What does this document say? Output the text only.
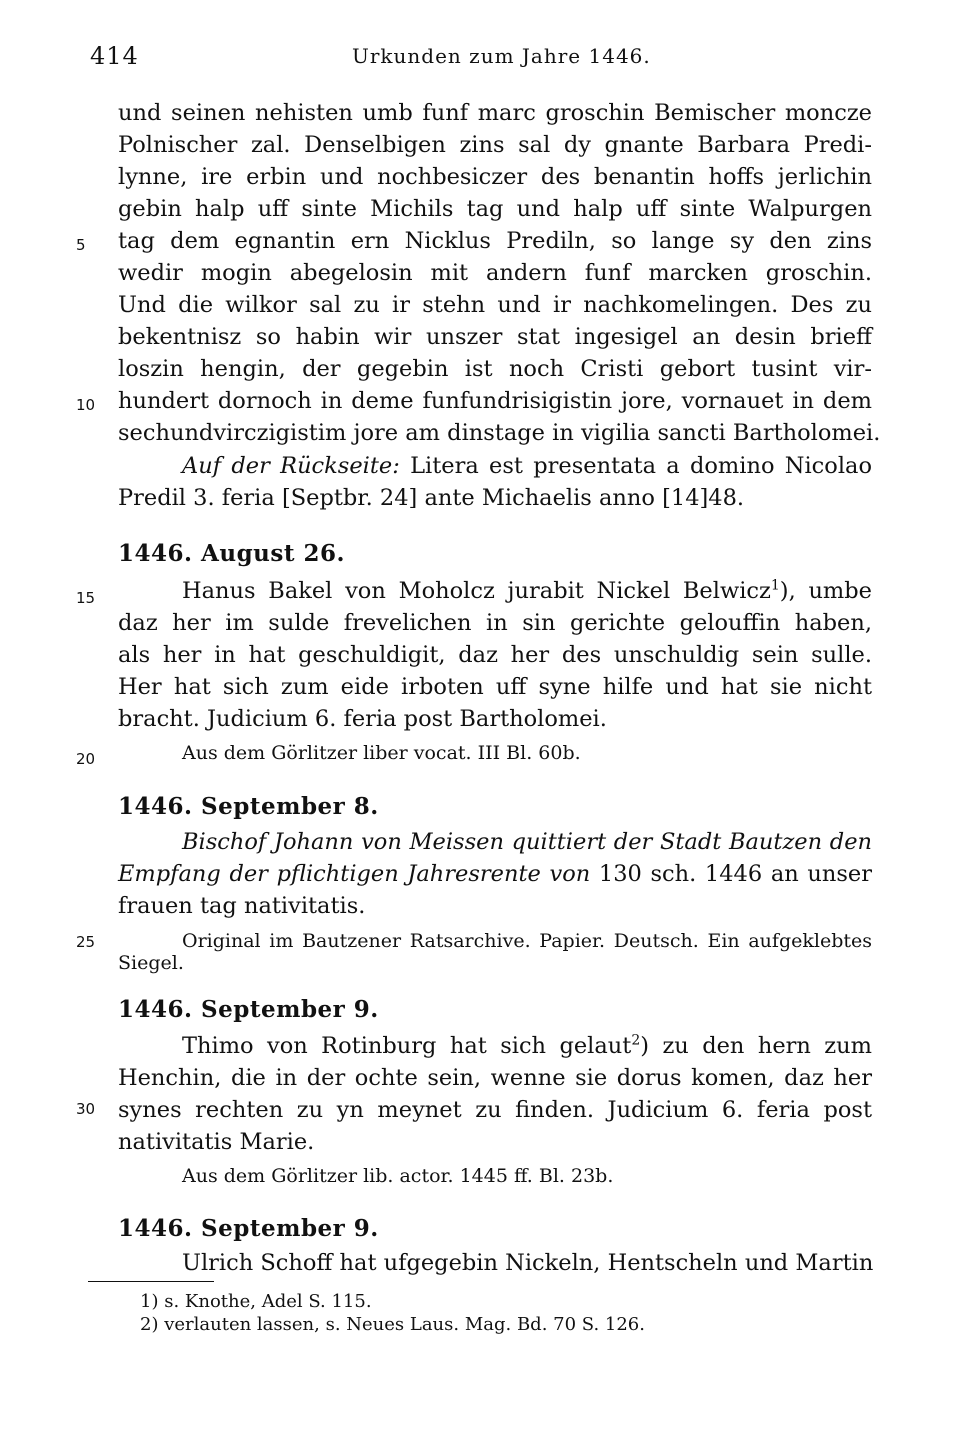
414	Urkunden zum Jahre 1446.
5
10
15
20
25
30
und seinen nehisten umb funf marc groschin Bemischer moncze
Polnischer zal. Denselbigen zins sal dy gnante Barbara Predi-
lynne, ire erbin und nochbesiczer des benantin hoffs jerlichin
gebin halp uff sinte Michils tag und halp uff sinte Walpurgen
tag dem egnantin ern Nicklus Prediln, so lange sy den zins
wedir mogin abegelosin mit andern funf marcken groschin.
Und die wilkor sal zu ir stehn und ir nachkomelingen. Des zu
bekentnisz so habin wir unszer stat ingesigel an desin brieff
loszin hengin, der gegebin ist noch Cristi gebort tusint vir-
hundert dornoch in deme funfundrisigistin jore, vornauet in dem
sechundvirczigistim jore am dinstage in vigilia sancti Bartholomei.
Auf der Rückseite: Litera est presentata a domino Nicolao
Predil 3. feria [Septbr. 24] ante Michaelis anno [14]48.
1446. August 26.
Hanus Bakel von Moholcz jurabit Nickel Belwicz$^1$), umbe
daz her im sulde frevelichen in sin gerichte gelouffin haben,
als her in hat geschuldigit, daz her des unschuldig sein sulle.
Her hat sich zum eide irboten uff syne hilfe und hat sie nicht
bracht. Judicium 6. feria post Bartholomei.
Aus dem Görlitzer liber vocat. III Bl. 60b.
1446. September 8.
Bischof Johann von Meissen quittiert der Stadt Bautzen den
Empfang der pflichtigen Jahresrente von 130 sch. 1446 an unser
frauen tag nativitatis.
Original im Bautzener Ratsarchive. Papier. Deutsch. Ein aufgeklebtes
Siegel.
1446. September 9.
Thimo von Rotinburg hat sich gelaut$^2$) zu den hern zum
Henchin, die in der ochte sein, wenne sie dorus komen, daz her
synes rechten zu yn meynet zu finden. Judicium 6. feria post
nativitatis Marie.
Aus dem Görlitzer lib. actor. 1445 ff. Bl. 23b.
1446. September 9.
Ulrich Schoff hat ufgegebin Nickeln, Hentscheln und Martin
1) s. Knothe, Adel S. 115.
2) verlauten lassen, s. Neues Laus. Mag. Bd. 70 S. 126.
